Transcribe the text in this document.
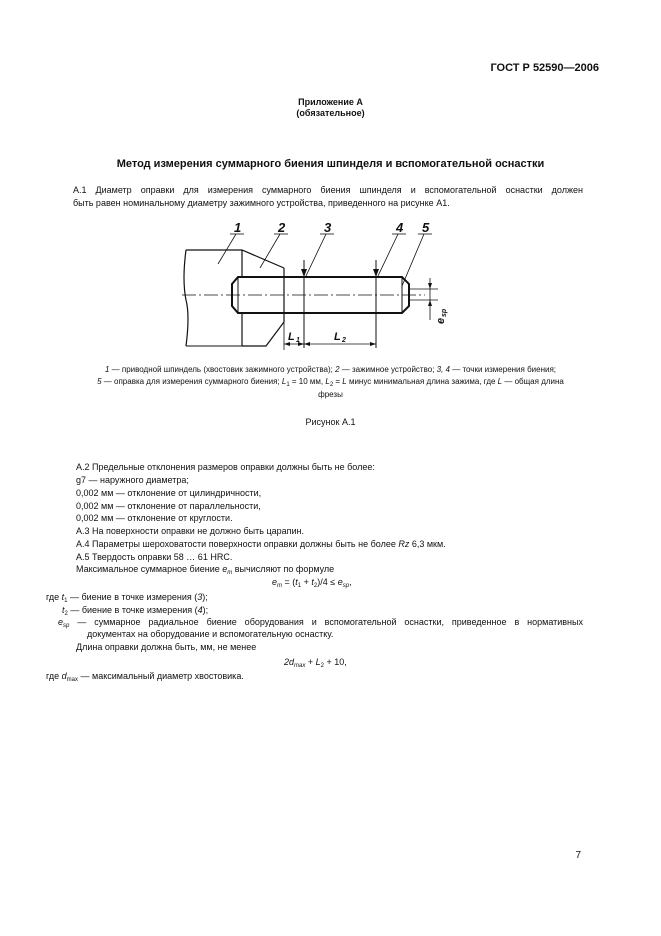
ГОСТ Р 52590—2006
Приложение А
(обязательное)
Метод измерения суммарного биения шпинделя и вспомогательной оснастки
А.1 Диаметр оправки для измерения суммарного биения шпинделя и вспомогательной оснастки должен
быть равен номинальному диаметру зажимного устройства, приведенного на рисунке А1.
1	2	3	4 5
L 1	L 2
e
sp
1 — приводной шпиндель (хвостовик зажимного устройства); 2 — зажимное устройство; 3, 4 — точки измерения биения;
5 — оправка для измерения суммарного биения; $L_1 = 10$ мм, $L_2 = L$ минус минимальная длина зажима, где L — общая длина
фрезы
Рисунок А.1
А.2 Предельные отклонения размеров оправки должны быть не более:
g7 — наружного диаметра;
0,002 мм — отклонение от цилиндричности,
0,002 мм — отклонение от параллельности,
0,002 мм — отклонение от круглости.
А.3 На поверхности оправки не должно быть царапин.
А.4 Параметры шероховатости поверхности оправки должны быть не более Rz 6,3 мкм.
А.5 Твердость оправки 58 … 61 HRC.
Максимальное суммарное биение $e_m$ вычисляют по формуле
$e_m = (t_1 + t_2)/4 \le e_{sp}$,
где $t_1$ — биение в точке измерения (3);
$t_2$ — биение в точке измерения (4);
$e_{sp}$ — суммарное радиальное биение оборудования и вспомогательной оснастки, приведенное в нормативных
документах на оборудование и вспомогательную оснастку.
Длина оправки должна быть, мм, не менее
$2d_{max} + L_2 + 10$,
где $d_{max}$ — максимальный диаметр хвостовика.
7
